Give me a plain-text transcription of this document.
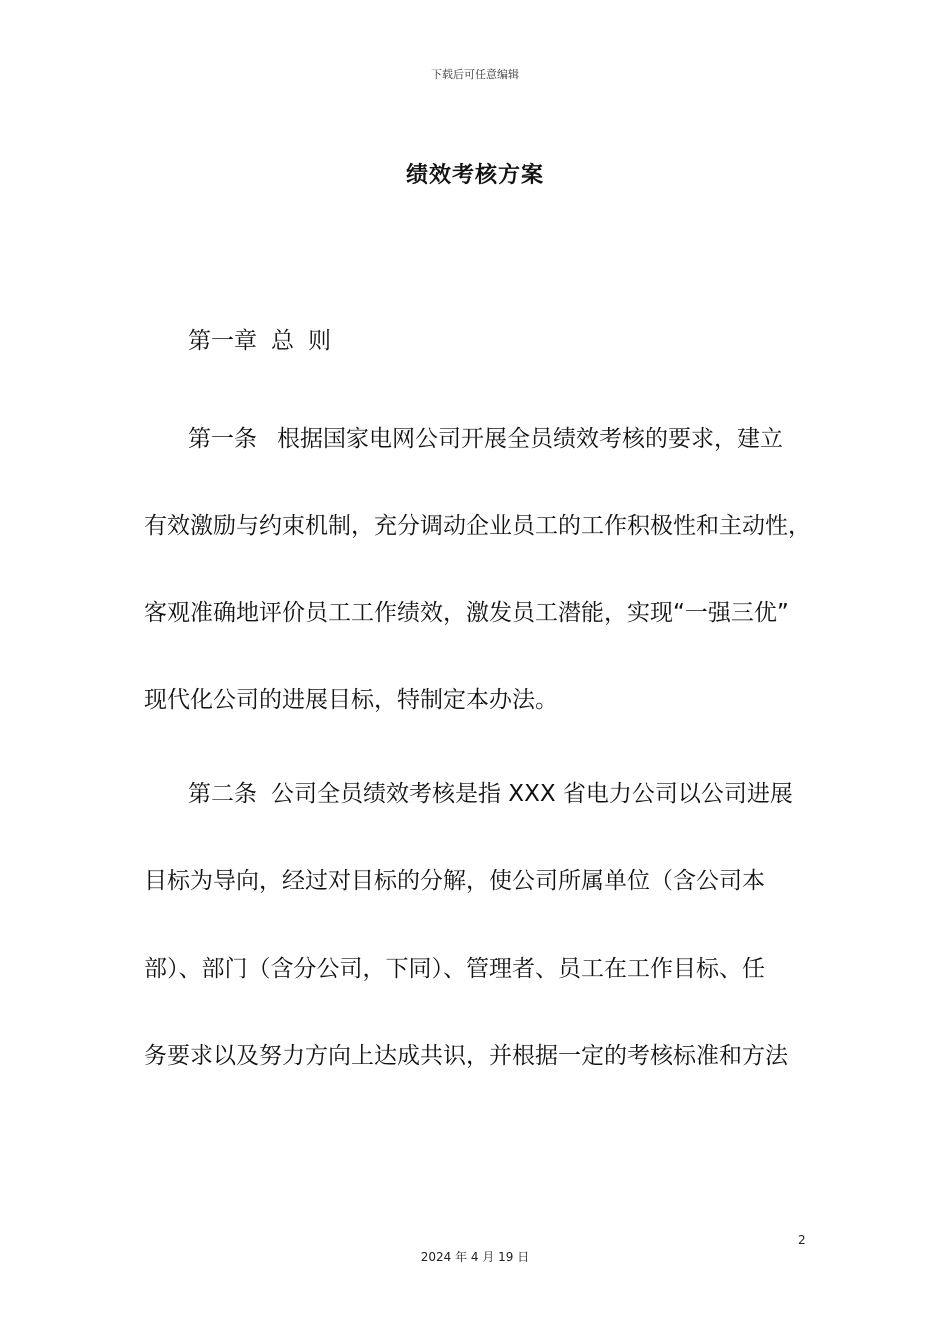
下载后可任意编辑
绩效考核方案
第一章 总 则
第一条 根据国家电网公司开展全员绩效考核的要求，建立
有效激励与约束机制，充分调动企业员工的工作积极性和主动性，
客观准确地评价员工工作绩效，激发员工潜能，实现“一强三优”
现代化公司的进展目标，特制定本办法。
第二条 公司全员绩效考核是指 XXX 省电力公司以公司进展
目标为导向，经过对目标的分解，使公司所属单位（含公司本
部）、部门（含分公司，下同）、管理者、员工在工作目标、任
务要求以及努力方向上达成共识，并根据一定的考核标准和方法
2
2024 年 4 月 19 日
